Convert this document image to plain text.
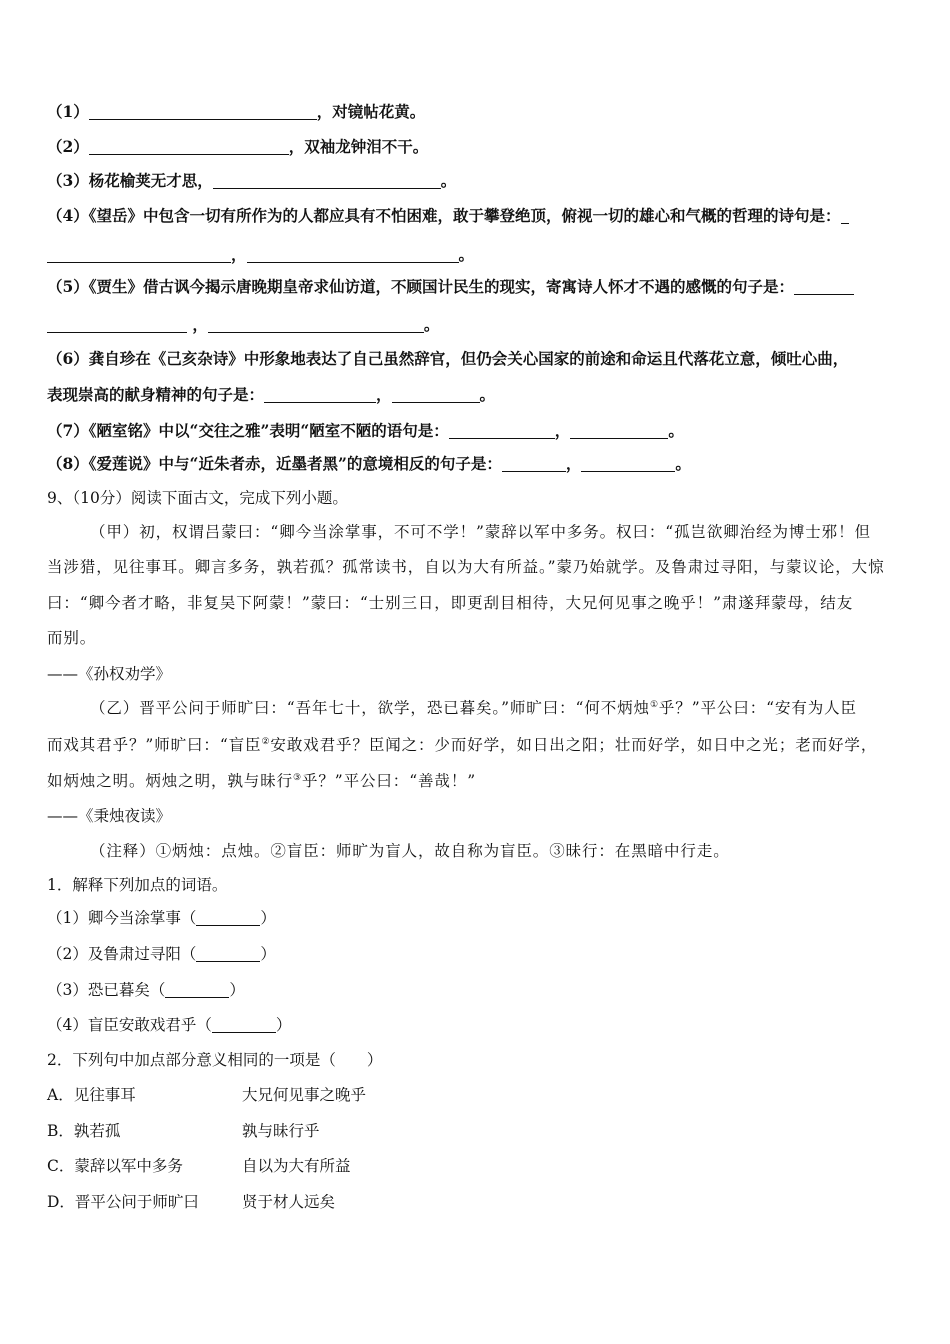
（1）	，对镜帖花黄。
（2）	，双袖龙钟泪不干。
（3）杨花榆荚无才思，	。
（4）《望岳》中包含一切有所作为的人都应具有不怕困难，敢于攀登绝顶，俯视一切的雄心和气概的哲理的诗句是：
，	。
（5）《贾生》借古讽今揭示唐晚期皇帝求仙访道，不顾国计民生的现实，寄寓诗人怀才不遇的感慨的句子是：
，	。
（6）龚自珍在《己亥杂诗》中形象地表达了自己虽然辞官，但仍会关心国家的前途和命运且代落花立意，倾吐心曲，
表现崇高的献身精神的句子是：	，	。
（7）《陋室铭》中以“交往之雅”表明“陋室不陋的语句是：	，	。
（8）《爱莲说》中与“近朱者赤，近墨者黑”的意境相反的句子是：	，	。
9、（10分）阅读下面古文，完成下列小题。
（甲）初，权谓吕蒙曰：“卿今当涂掌事，不可不学！”蒙辞以军中多务。权曰：“孤岂欲卿治经为博士邪！但
当涉猎，见往事耳。卿言多务，孰若孤？孤常读书，自以为大有所益。”蒙乃始就学。及鲁肃过寻阳，与蒙议论，大惊
曰：“卿今者才略，非复吴下阿蒙！”蒙曰：“士别三日，即更刮目相待，大兄何见事之晚乎！”肃遂拜蒙母，结友
而别。
——《孙权劝学》
（乙）晋平公问于师旷曰：“吾年七十，欲学，恐已暮矣。”师旷曰：“何不炳烛①乎？”平公曰：“安有为人臣
而戏其君乎？”师旷曰：“盲臣②安敢戏君乎？臣闻之：少而好学，如日出之阳；壮而好学，如日中之光；老而好学，
如炳烛之明。炳烛之明，孰与昧行③乎？”平公曰：“善哉！”
——《秉烛夜读》
（注释）①炳烛：点烛。②盲臣：师旷为盲人，故自称为盲臣。③昧行：在黑暗中行走。
1．解释下列加点的词语。
（1）卿今当涂掌事（	）
（2）及鲁肃过寻阳（	）
（3）恐已暮矣（	）
（4）盲臣安敢戏君乎（	）
2．下列句中加点部分意义相同的一项是（　　）
A．见往事耳	大兄何见事之晚乎
B．孰若孤	孰与昧行乎
C．蒙辞以军中多务	自以为大有所益
D．晋平公问于师旷曰	贤于材人远矣
